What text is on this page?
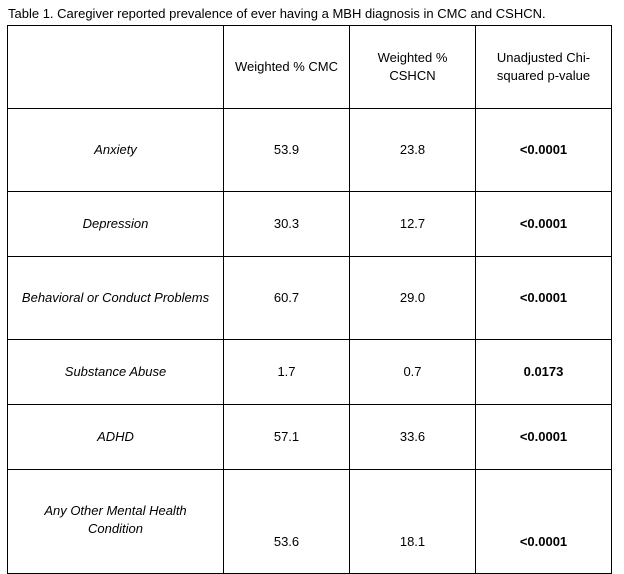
Table 1. Caregiver reported prevalence of ever having a MBH diagnosis in CMC and CSHCN.

	Weighted % CMC	Weighted %
CSHCN	Unadjusted Chi-
squared p-value

Anxiety	53.9	23.8	<0.0001
Depression	30.3	12.7	<0.0001
Behavioral or Conduct Problems	60.7	29.0	<0.0001
Substance Abuse	1.7	0.7	0.0173
ADHD	57.1	33.6	<0.0001

Any Other Mental Health
Condition	53.6	18.1	<0.0001
